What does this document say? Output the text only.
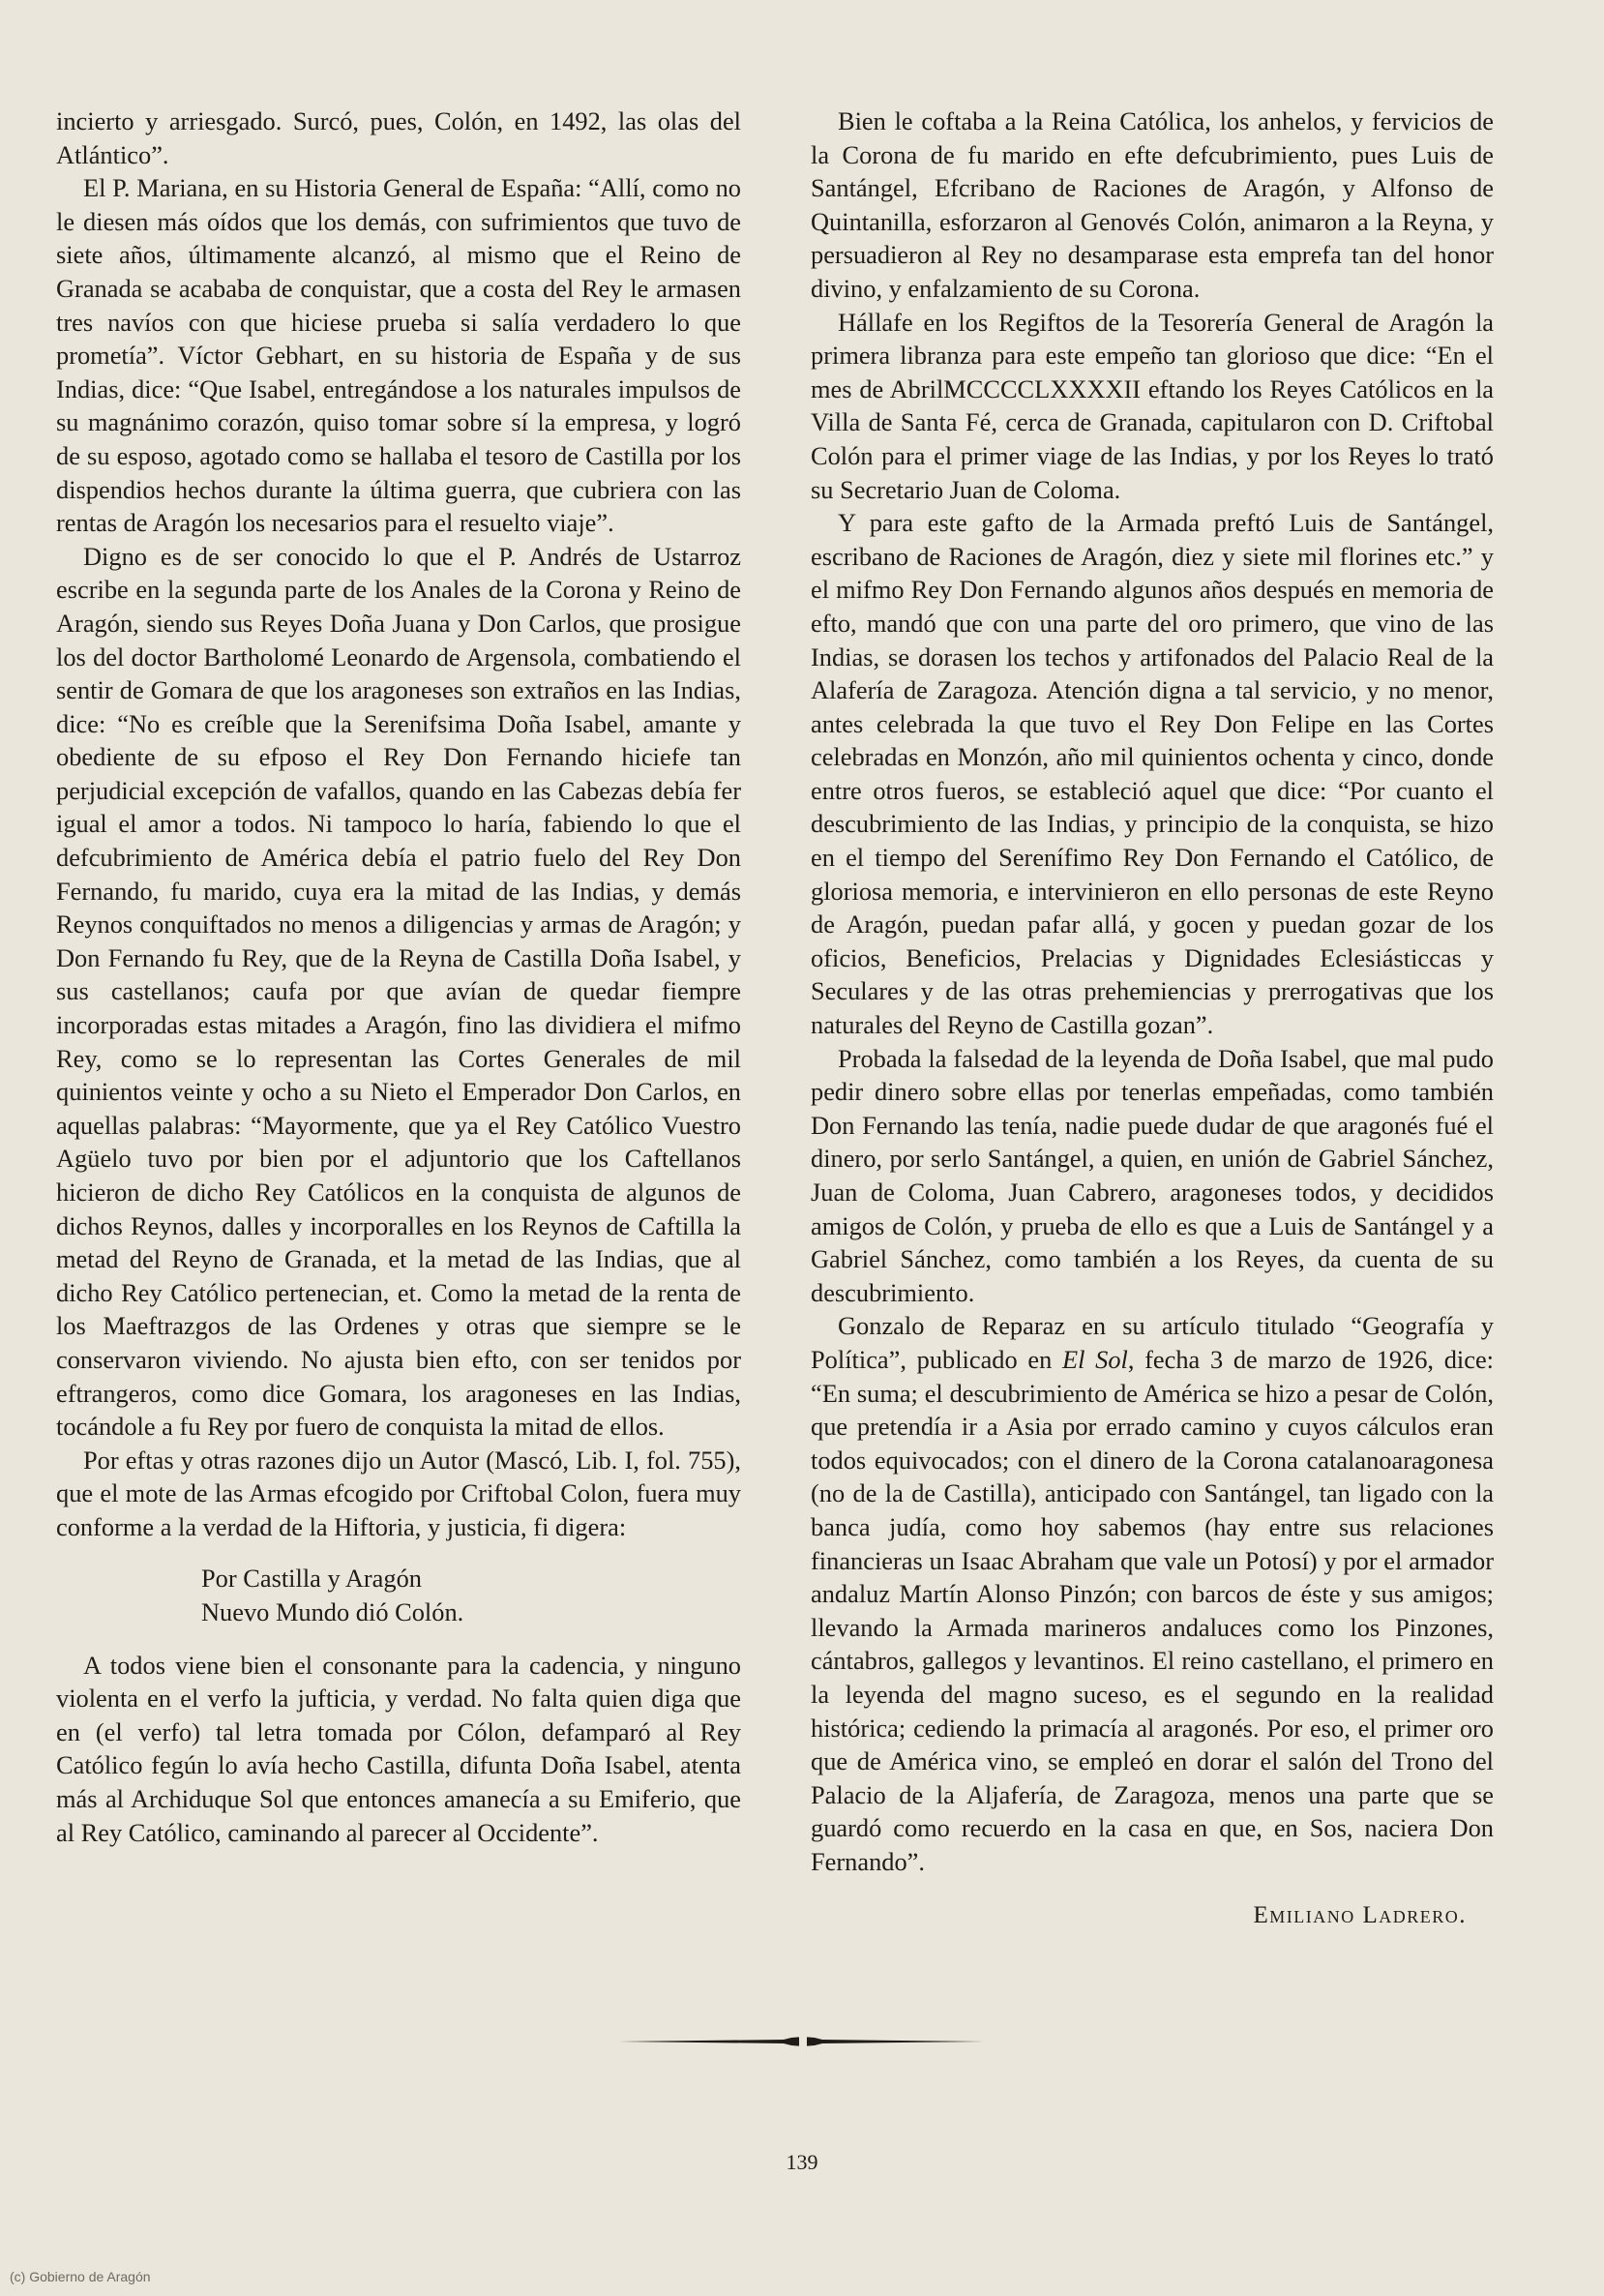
incierto y arriesgado. Surcó, pues, Colón, en 1492, las olas del Atlántico”.

El P. Mariana, en su Historia General de España: “Allí, como no le diesen más oídos que los demás, con sufrimientos que tuvo de siete años, últimamente alcanzó, al mismo que el Reino de Granada se acababa de conquistar, que a costa del Rey le armasen tres navíos con que hiciese prueba si salía verdadero lo que prometía”. Víctor Gebhart, en su historia de España y de sus Indias, dice: “Que Isabel, entregándose a los naturales impulsos de su magnánimo corazón, quiso tomar sobre sí la empresa, y logró de su esposo, agotado como se hallaba el tesoro de Castilla por los dispendios hechos durante la última guerra, que cubriera con las rentas de Aragón los necesarios para el resuelto viaje”.

Digno es de ser conocido lo que el P. Andrés de Ustarroz escribe en la segunda parte de los Anales de la Corona y Reino de Aragón, siendo sus Reyes Doña Juana y Don Carlos, que prosigue los del doctor Bartholomé Leonardo de Argensola, combatiendo el sentir de Gomara de que los aragoneses son extraños en las Indias, dice: “No es creíble que la Serenifsima Doña Isabel, amante y obediente de su efposo el Rey Don Fernando hiciefe tan perjudicial excepción de vafallos, quando en las Cabezas debía fer igual el amor a todos. Ni tampoco lo haría, fabiendo lo que el defcubrimiento de América debía el patrio fuelo del Rey Don Fernando, fu marido, cuya era la mitad de las Indias, y demás Reynos conquiftados no menos a diligencias y armas de Aragón; y Don Fernando fu Rey, que de la Reyna de Castilla Doña Isabel, y sus castellanos; caufa por que avían de quedar fiempre incorporadas estas mitades a Aragón, fino las dividiera el mifmo Rey, como se lo representan las Cortes Generales de mil quinientos veinte y ocho a su Nieto el Emperador Don Carlos, en aquellas palabras: “Mayormente, que ya el Rey Católico Vuestro Agüelo tuvo por bien por el adjuntorio que los Caftellanos hicieron de dicho Rey Católicos en la conquista de algunos de dichos Reynos, dalles y incorporalles en los Reynos de Caftilla la metad del Reyno de Granada, et la metad de las Indias, que al dicho Rey Católico pertenecian, et. Como la metad de la renta de los Maeftrazgos de las Ordenes y otras que siempre se le conservaron viviendo. No ajusta bien efto, con ser tenidos por eftrangeros, como dice Gomara, los aragoneses en las Indias, tocándole a fu Rey por fuero de conquista la mitad de ellos.

Por eftas y otras razones dijo un Autor (Mascó, Lib. I, fol. 755), que el mote de las Armas efcogido por Criftobal Colon, fuera muy conforme a la verdad de la Hiftoria, y justicia, fi digera:

Por Castilla y Aragón
Nuevo Mundo dió Colón.

A todos viene bien el consonante para la cadencia, y ninguno violenta en el verfo la jufticia, y verdad. No falta quien diga que en (el verfo) tal letra tomada por Cólon, defamparó al Rey Católico fegún lo avía hecho Castilla, difunta Doña Isabel, atenta más al Archiduque Sol que entonces amanecía a su Emiferio, que al Rey Católico, caminando al parecer al Occidente”.

Bien le coftaba a la Reina Católica, los anhelos, y fervicios de la Corona de fu marido en efte defcubrimiento, pues Luis de Santángel, Efcribano de Raciones de Aragón, y Alfonso de Quintanilla, esforzaron al Genovés Colón, animaron a la Reyna, y persuadieron al Rey no desamparase esta emprefa tan del honor divino, y enfalzamiento de su Corona.

Hállafe en los Regiftos de la Tesorería General de Aragón la primera libranza para este empeño tan glorioso que dice: “En el mes de AbrilMCCCCLXXXXII eftando los Reyes Católicos en la Villa de Santa Fé, cerca de Granada, capitularon con D. Criftobal Colón para el primer viage de las Indias, y por los Reyes lo trató su Secretario Juan de Coloma.

Y para este gafto de la Armada preftó Luis de Santángel, escribano de Raciones de Aragón, diez y siete mil florines etc.” y el mifmo Rey Don Fernando algunos años después en memoria de efto, mandó que con una parte del oro primero, que vino de las Indias, se dorasen los techos y artifonados del Palacio Real de la Alafería de Zaragoza. Atención digna a tal servicio, y no menor, antes celebrada la que tuvo el Rey Don Felipe en las Cortes celebradas en Monzón, año mil quinientos ochenta y cinco, donde entre otros fueros, se estableció aquel que dice: “Por cuanto el descubrimiento de las Indias, y principio de la conquista, se hizo en el tiempo del Serenífimo Rey Don Fernando el Católico, de gloriosa memoria, e intervinieron en ello personas de este Reyno de Aragón, puedan pafar allá, y gocen y puedan gozar de los oficios, Beneficios, Prelacias y Dignidades Eclesiásticcas y Seculares y de las otras prehemiencias y prerrogativas que los naturales del Reyno de Castilla gozan”.

Probada la falsedad de la leyenda de Doña Isabel, que mal pudo pedir dinero sobre ellas por tenerlas empeñadas, como también Don Fernando las tenía, nadie puede dudar de que aragonés fué el dinero, por serlo Santángel, a quien, en unión de Gabriel Sánchez, Juan de Coloma, Juan Cabrero, aragoneses todos, y decididos amigos de Colón, y prueba de ello es que a Luis de Santángel y a Gabriel Sánchez, como también a los Reyes, da cuenta de su descubrimiento.

Gonzalo de Reparaz en su artículo titulado “Geografía y Política”, publicado en El Sol, fecha 3 de marzo de 1926, dice: “En suma; el descubrimiento de América se hizo a pesar de Colón, que pretendía ir a Asia por errado camino y cuyos cálculos eran todos equivocados; con el dinero de la Corona catalanoaragonesa (no de la de Castilla), anticipado con Santángel, tan ligado con la banca judía, como hoy sabemos (hay entre sus relaciones financieras un Isaac Abraham que vale un Potosí) y por el armador andaluz Martín Alonso Pinzón; con barcos de éste y sus amigos; llevando la Armada marineros andaluces como los Pinzones, cántabros, gallegos y levantinos. El reino castellano, el primero en la leyenda del magno suceso, es el segundo en la realidad histórica; cediendo la primacía al aragonés. Por eso, el primer oro que de América vino, se empleó en dorar el salón del Trono del Palacio de la Aljafería, de Zaragoza, menos una parte que se guardó como recuerdo en la casa en que, en Sos, naciera Don Fernando”.

Emiliano Ladrero.
139
(c) Gobierno de Aragón
